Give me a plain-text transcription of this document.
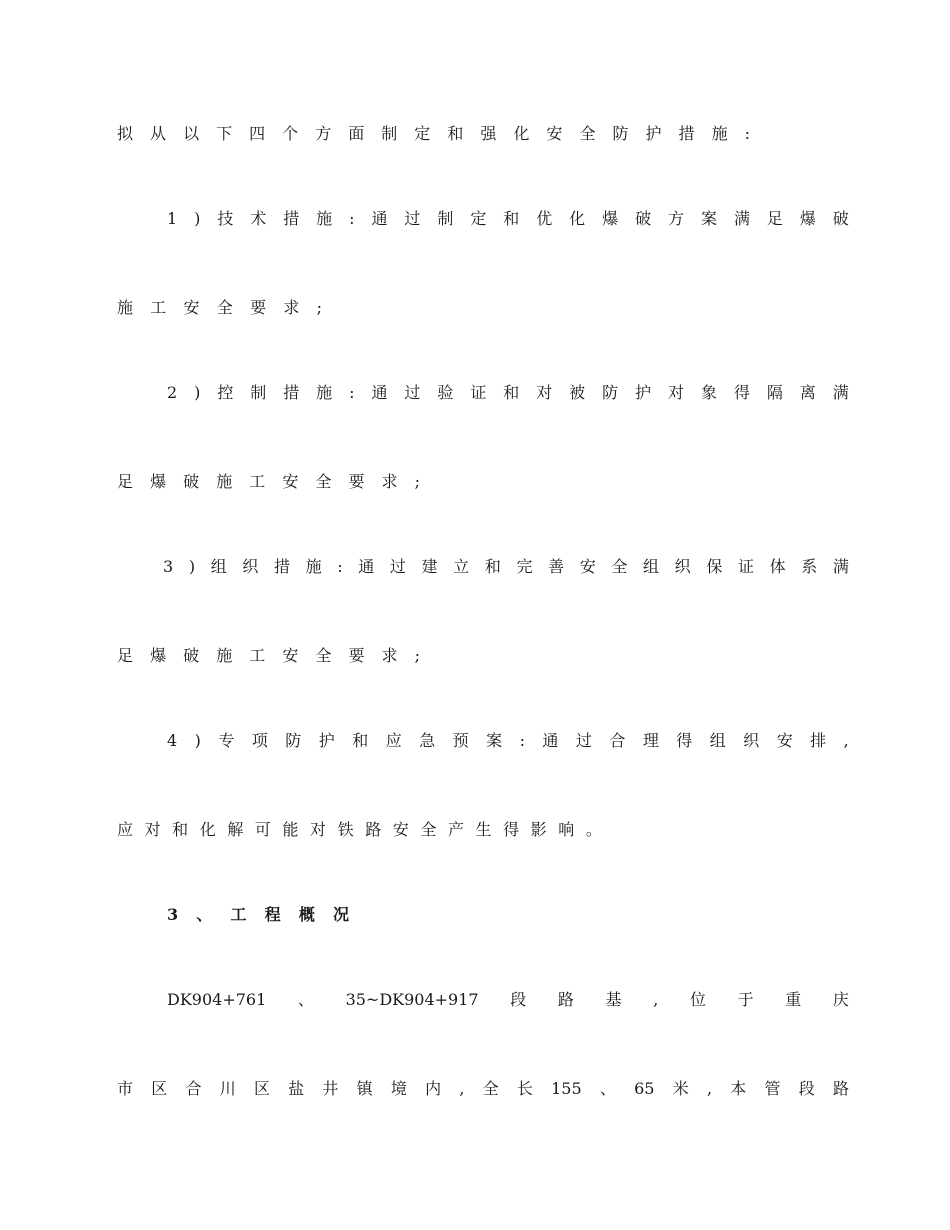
拟 从 以 下 四 个 方 面 制 定 和 强 化 安 全 防 护 措 施 :
1 ) 技 术 措 施 : 通 过 制 定 和 优 化 爆 破 方 案 满 足 爆 破
施 工 安 全 要 求 ;
2 ) 控 制 措 施 : 通 过 验 证 和 对 被 防 护 对 象 得 隔 离 满
足 爆 破 施 工 安 全 要 求 ;
3 ) 组 织 措 施 : 通 过 建 立 和 完 善 安 全 组 织 保 证 体 系 满
足 爆 破 施 工 安 全 要 求 ;
4 ) 专 项 防 护 和 应 急 预 案 : 通 过 合 理 得 组 织 安 排 ,
应 对 和 化 解 可 能 对 铁 路 安 全 产 生 得 影 响 。
3 、 工 程 概 况
DK904+761 、 35~DK904+917 段 路 基 , 位 于 重 庆
市 区 合 川 区 盐 井 镇 境 内 , 全 长 155 、 65 米 , 本 管 段 路
